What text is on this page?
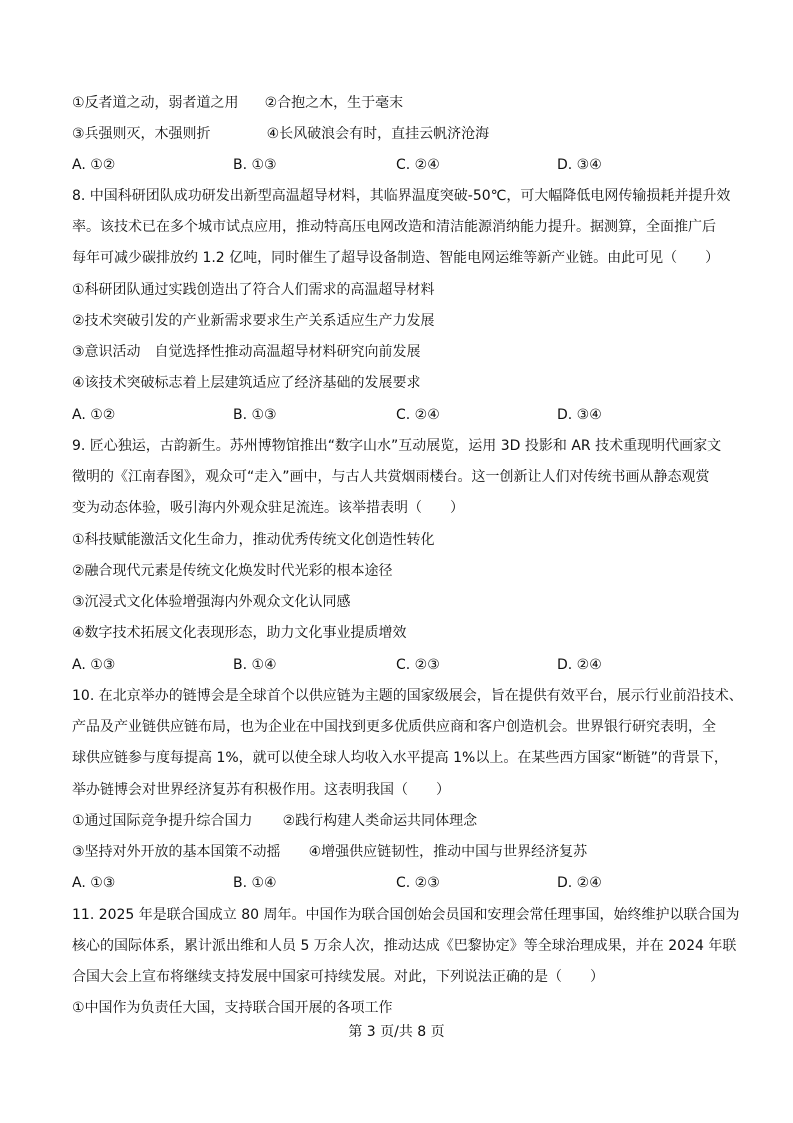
①反者道之动，弱者道之用 ②合抱之木，生于毫末
③兵强则灭，木强则折	④长风破浪会有时，直挂云帆济沧海
A. ①②	B. ①③	C. ②④	D. ③④
8. 中国科研团队成功研发出新型高温超导材料，其临界温度突破-50℃，可大幅降低电网传输损耗并提升效
率。该技术已在多个城市试点应用，推动特高压电网改造和清洁能源消纳能力提升。据测算，全面推广后
每年可减少碳排放约 1.2 亿吨，同时催生了超导设备制造、智能电网运维等新产业链。由此可见（　　）
①科研团队通过实践创造出了符合人们需求的高温超导材料
②技术突破引发的产业新需求要求生产关系适应生产力发展
③意识活动　自觉选择性推动高温超导材料研究向前发展
④该技术突破标志着上层建筑适应了经济基础的发展要求
A. ①②	B. ①③	C. ②④	D. ③④
9. 匠心独运，古韵新生。苏州博物馆推出“数字山水”互动展览，运用 3D 投影和 AR 技术重现明代画家文
徵明的《江南春图》，观众可“走入”画中，与古人共赏烟雨楼台。这一创新让人们对传统书画从静态观赏
变为动态体验，吸引海内外观众驻足流连。该举措表明（　　）
①科技赋能激活文化生命力，推动优秀传统文化创造性转化
②融合现代元素是传统文化焕发时代光彩的根本途径
③沉浸式文化体验增强海内外观众文化认同感
④数字技术拓展文化表现形态，助力文化事业提质增效
A. ①③	B. ①④	C. ②③	D. ②④
10. 在北京举办的链博会是全球首个以供应链为主题的国家级展会，旨在提供有效平台，展示行业前沿技术、
产品及产业链供应链布局，也为企业在中国找到更多优质供应商和客户创造机会。世界银行研究表明，全
球供应链参与度每提高 1%，就可以使全球人均收入水平提高 1%以上。在某些西方国家“断链”的背景下，
举办链博会对世界经济复苏有积极作用。这表明我国（　　）
①通过国际竞争提升综合国力 ②践行构建人类命运共同体理念
③坚持对外开放的基本国策不动摇 ④增强供应链韧性，推动中国与世界经济复苏
A. ①③	B. ①④	C. ②③	D. ②④
11. 2025 年是联合国成立 80 周年。中国作为联合国创始会员国和安理会常任理事国，始终维护以联合国为
核心的国际体系，累计派出维和人员 5 万余人次，推动达成《巴黎协定》等全球治理成果，并在 2024 年联
合国大会上宣布将继续支持发展中国家可持续发展。对此，下列说法正确的是（　　）
①中国作为负责任大国，支持联合国开展的各项工作
第 3 页/共 8 页
